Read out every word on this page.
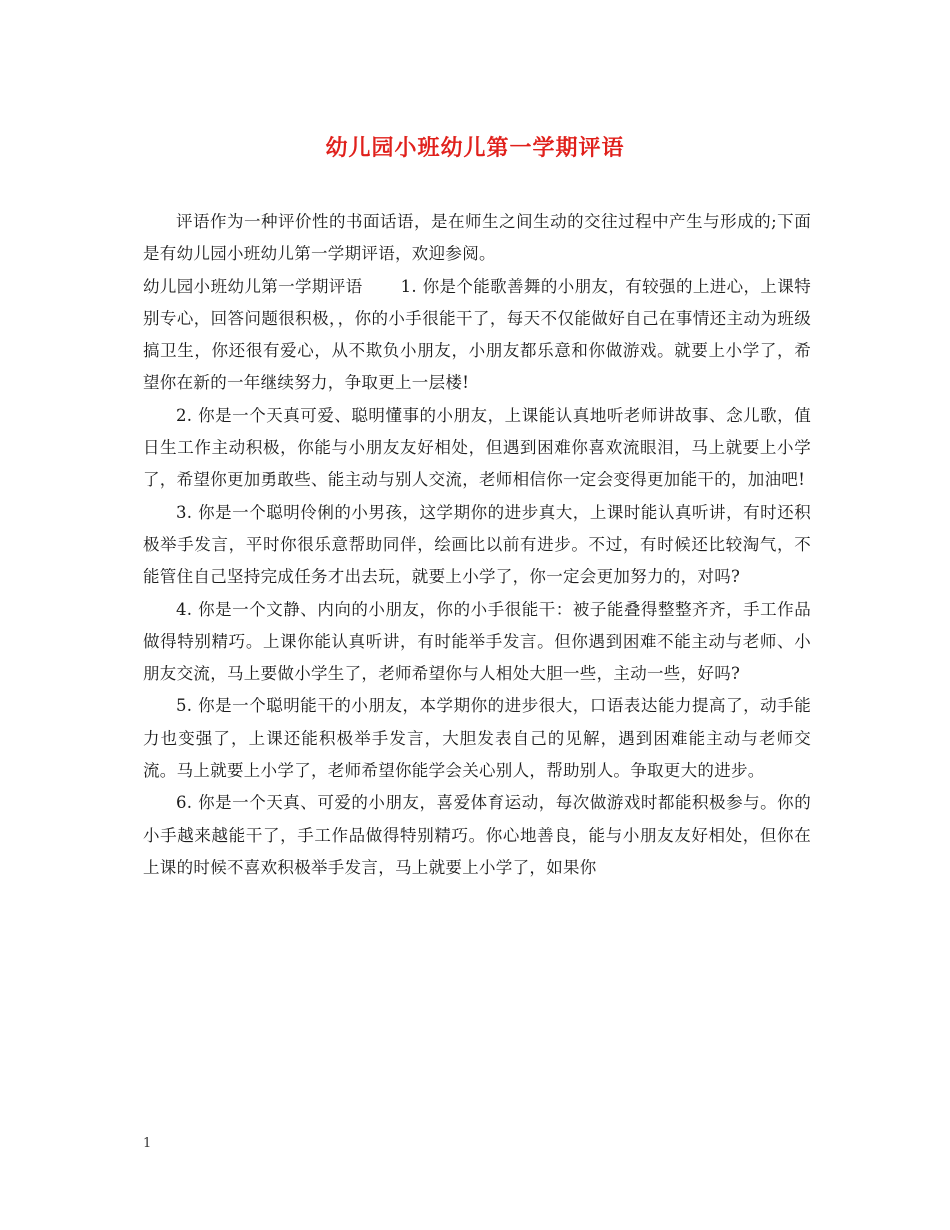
幼儿园小班幼儿第一学期评语

评语作为一种评价性的书面话语，是在师生之间生动的交往过程中产生与形成的;下面是有幼儿园小班幼儿第一学期评语，欢迎参阅。

幼儿园小班幼儿第一学期评语 1. 你是个能歌善舞的小朋友，有较强的上进心，上课特别专心，回答问题很积极，，你的小手很能干了，每天不仅能做好自己在事情还主动为班级搞卫生，你还很有爱心，从不欺负小朋友，小朋友都乐意和你做游戏。就要上小学了，希望你在新的一年继续努力，争取更上一层楼!

2. 你是一个天真可爱、聪明懂事的小朋友，上课能认真地听老师讲故事、念儿歌，值日生工作主动积极，你能与小朋友友好相处，但遇到困难你喜欢流眼泪，马上就要上小学了，希望你更加勇敢些、能主动与别人交流，老师相信你一定会变得更加能干的，加油吧!

3. 你是一个聪明伶俐的小男孩，这学期你的进步真大，上课时能认真听讲，有时还积极举手发言，平时你很乐意帮助同伴，绘画比以前有进步。不过，有时候还比较淘气，不能管住自己坚持完成任务才出去玩，就要上小学了，你一定会更加努力的，对吗?

4. 你是一个文静、内向的小朋友，你的小手很能干：被子能叠得整整齐齐，手工作品做得特别精巧。上课你能认真听讲，有时能举手发言。但你遇到困难不能主动与老师、小朋友交流，马上要做小学生了，老师希望你与人相处大胆一些，主动一些，好吗?

5. 你是一个聪明能干的小朋友，本学期你的进步很大，口语表达能力提高了，动手能力也变强了，上课还能积极举手发言，大胆发表自己的见解，遇到困难能主动与老师交流。马上就要上小学了，老师希望你能学会关心别人，帮助别人。争取更大的进步。

6. 你是一个天真、可爱的小朋友，喜爱体育运动，每次做游戏时都能积极参与。你的小手越来越能干了，手工作品做得特别精巧。你心地善良，能与小朋友友好相处，但你在上课的时候不喜欢积极举手发言，马上就要上小学了，如果你

1
